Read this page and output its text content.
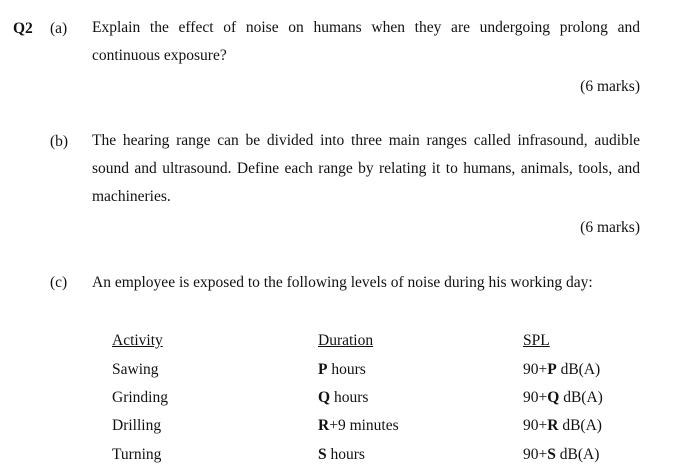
Q2 (a) Explain the effect of noise on humans when they are undergoing prolong and continuous exposure?
(6 marks)
(b) The hearing range can be divided into three main ranges called infrasound, audible sound and ultrasound. Define each range by relating it to humans, animals, tools, and machineries.
(6 marks)
(c) An employee is exposed to the following levels of noise during his working day:
Activity	Duration	SPL
Sawing	P hours	90+P dB(A)
Grinding	Q hours	90+Q dB(A)
Drilling	R+9 minutes	90+R dB(A)
Turning	S hours	90+S dB(A)
